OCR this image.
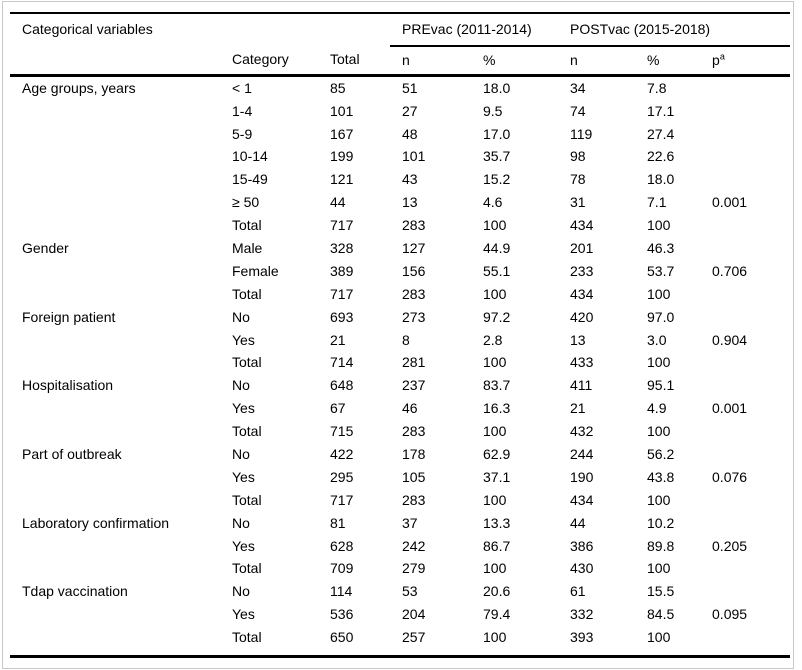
Categorical variables			PREvac (2011-2014)		POSTvac (2015-2018)		
	Category	Total	n	%	n	%	$p^a$
Age groups, years	< 1	85	51	18.0	34	7.8	
	1-4	101	27	9.5	74	17.1	
	5-9	167	48	17.0	119	27.4	
	10-14	199	101	35.7	98	22.6	
	15-49	121	43	15.2	78	18.0	
	≥ 50	44	13	4.6	31	7.1	0.001
	Total	717	283	100	434	100	
Gender	Male	328	127	44.9	201	46.3	
	Female	389	156	55.1	233	53.7	0.706
	Total	717	283	100	434	100	
Foreign patient	No	693	273	97.2	420	97.0	
	Yes	21	8	2.8	13	3.0	0.904
	Total	714	281	100	433	100	
Hospitalisation	No	648	237	83.7	411	95.1	
	Yes	67	46	16.3	21	4.9	0.001
	Total	715	283	100	432	100	
Part of outbreak	No	422	178	62.9	244	56.2	
	Yes	295	105	37.1	190	43.8	0.076
	Total	717	283	100	434	100	
Laboratory confirmation	No	81	37	13.3	44	10.2	
	Yes	628	242	86.7	386	89.8	0.205
	Total	709	279	100	430	100	
Tdap vaccination	No	114	53	20.6	61	15.5	
	Yes	536	204	79.4	332	84.5	0.095
	Total	650	257	100	393	100	
